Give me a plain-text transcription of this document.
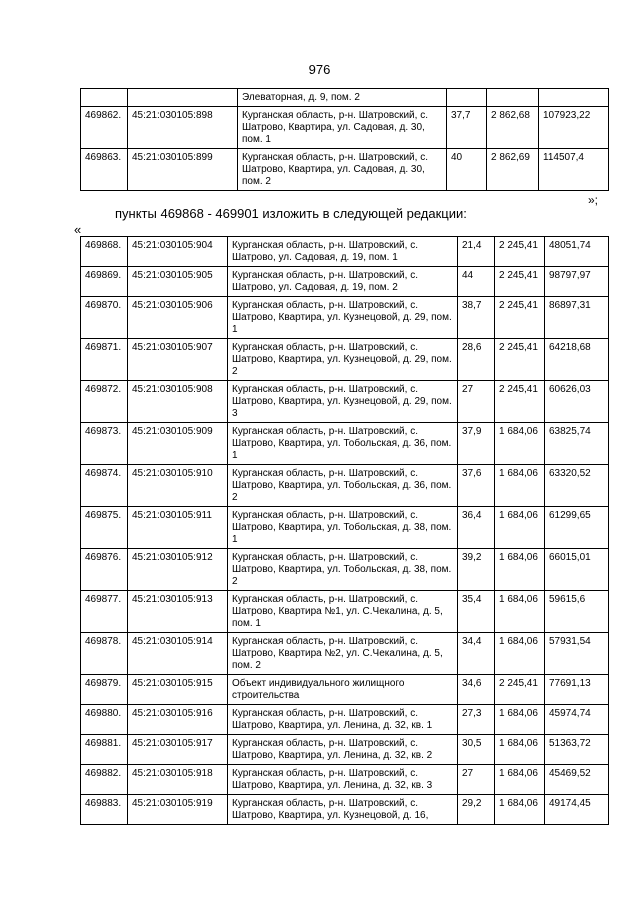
976
		Элеваторная, д. 9, пом. 2			
469862.	45:21:030105:898	Курганская область, р-н. Шатровский, с. Шатрово, Квартира, ул. Садовая, д. 30, пом. 1	37,7	2 862,68	107923,22
469863.	45:21:030105:899	Курганская область, р-н. Шатровский, с. Шатрово, Квартира, ул. Садовая, д. 30, пом. 2	40	2 862,69	114507,4
»;
пункты 469868 - 469901 изложить в следующей редакции:
«
469868.	45:21:030105:904	Курганская область, р-н. Шатровский, с. Шатрово, ул. Садовая, д. 19, пом. 1	21,4	2 245,41	48051,74
469869.	45:21:030105:905	Курганская область, р-н. Шатровский, с. Шатрово, ул. Садовая, д. 19, пом. 2	44	2 245,41	98797,97
469870.	45:21:030105:906	Курганская область, р-н. Шатровский, с. Шатрово, Квартира, ул. Кузнецовой, д. 29, пом. 1	38,7	2 245,41	86897,31
469871.	45:21:030105:907	Курганская область, р-н. Шатровский, с. Шатрово, Квартира, ул. Кузнецовой, д. 29, пом. 2	28,6	2 245,41	64218,68
469872.	45:21:030105:908	Курганская область, р-н. Шатровский, с. Шатрово, Квартира, ул. Кузнецовой, д. 29, пом. 3	27	2 245,41	60626,03
469873.	45:21:030105:909	Курганская область, р-н. Шатровский, с. Шатрово, Квартира, ул. Тобольская, д. 36, пом. 1	37,9	1 684,06	63825,74
469874.	45:21:030105:910	Курганская область, р-н. Шатровский, с. Шатрово, Квартира, ул. Тобольская, д. 36, пом. 2	37,6	1 684,06	63320,52
469875.	45:21:030105:911	Курганская область, р-н. Шатровский, с. Шатрово, Квартира, ул. Тобольская, д. 38, пом. 1	36,4	1 684,06	61299,65
469876.	45:21:030105:912	Курганская область, р-н. Шатровский, с. Шатрово, Квартира, ул. Тобольская, д. 38, пом. 2	39,2	1 684,06	66015,01
469877.	45:21:030105:913	Курганская область, р-н. Шатровский, с. Шатрово, Квартира №1, ул. С.Чекалина, д. 5, пом. 1	35,4	1 684,06	59615,6
469878.	45:21:030105:914	Курганская область, р-н. Шатровский, с. Шатрово, Квартира №2, ул. С.Чекалина, д. 5, пом. 2	34,4	1 684,06	57931,54
469879.	45:21:030105:915	Объект индивидуального жилищного строительства	34,6	2 245,41	77691,13
469880.	45:21:030105:916	Курганская область, р-н. Шатровский, с. Шатрово, Квартира, ул. Ленина, д. 32, кв. 1	27,3	1 684,06	45974,74
469881.	45:21:030105:917	Курганская область, р-н. Шатровский, с. Шатрово, Квартира, ул. Ленина, д. 32, кв. 2	30,5	1 684,06	51363,72
469882.	45:21:030105:918	Курганская область, р-н. Шатровский, с. Шатрово, Квартира, ул. Ленина, д. 32, кв. 3	27	1 684,06	45469,52
469883.	45:21:030105:919	Курганская область, р-н. Шатровский, с. Шатрово, Квартира, ул. Кузнецовой, д. 16,	29,2	1 684,06	49174,45
